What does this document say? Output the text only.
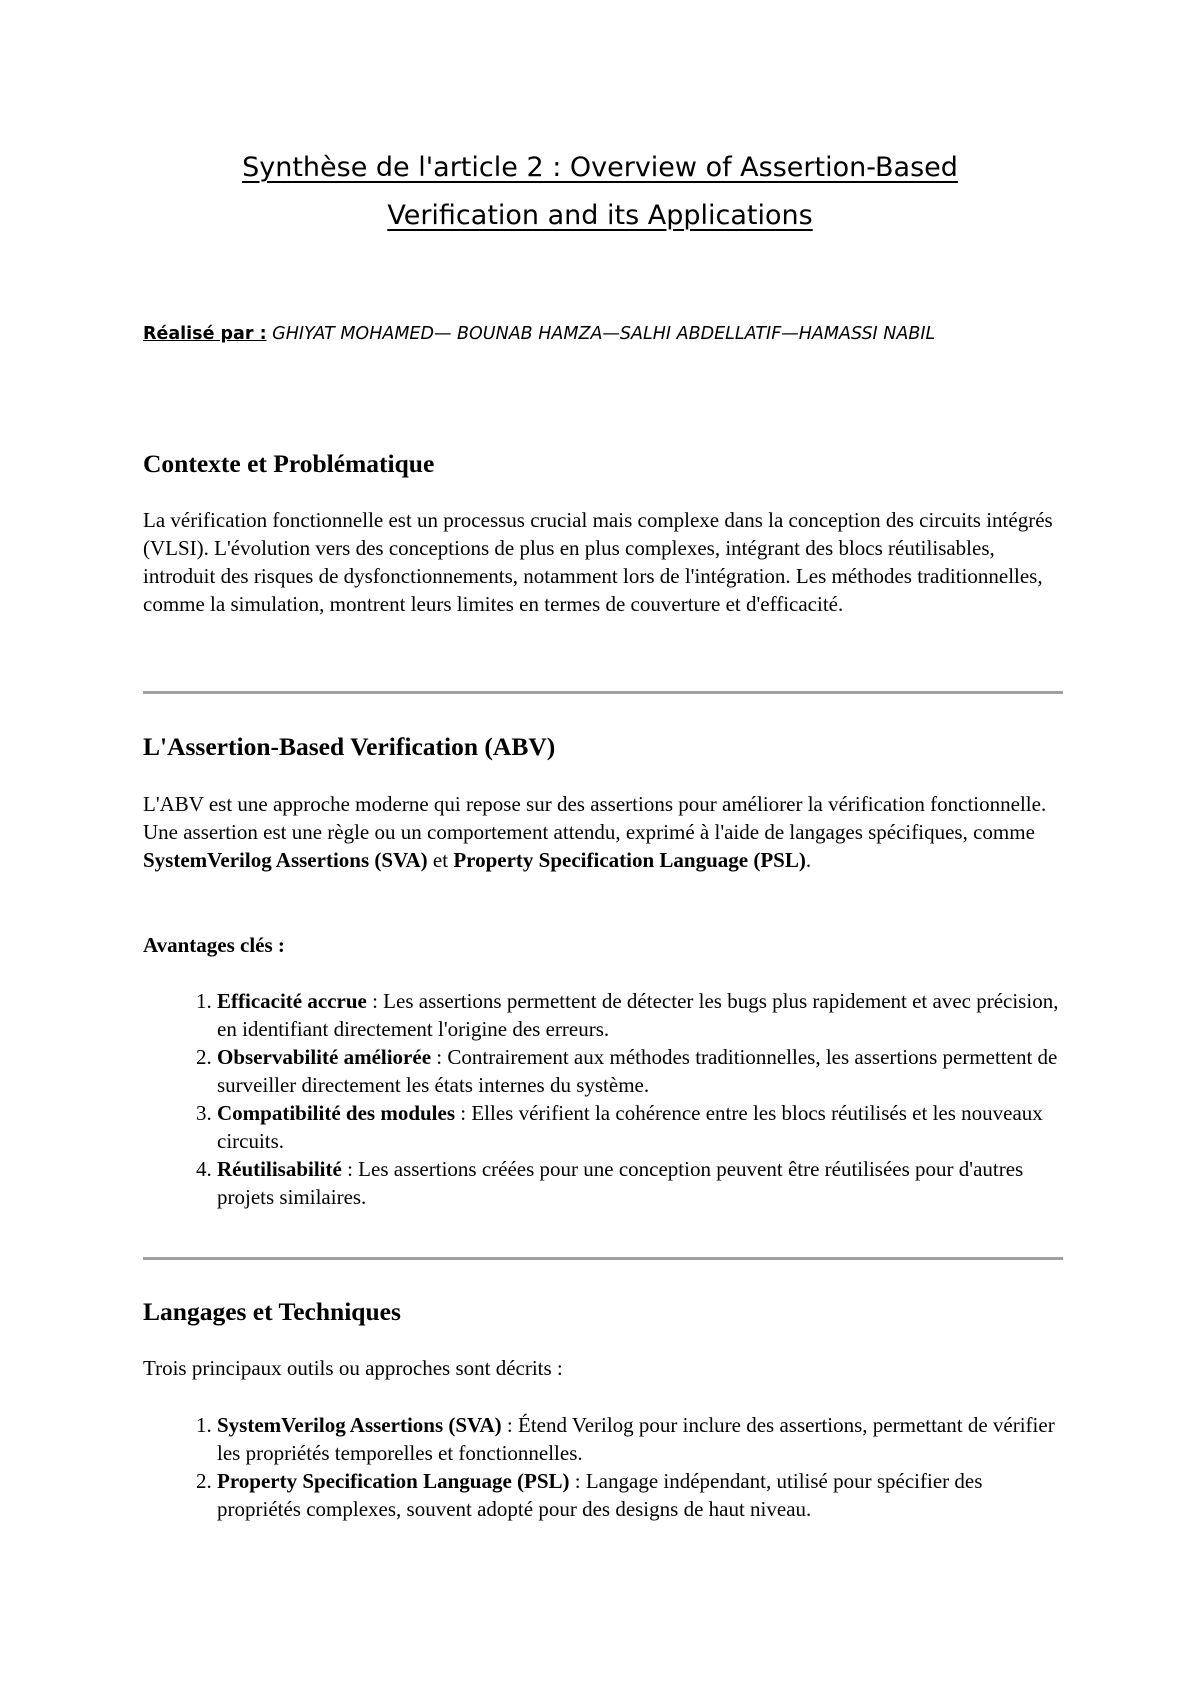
Synthèse de l'article 2 : Overview of Assertion-Based
Verification and its Applications

Réalisé par : GHIYAT MOHAMED— BOUNAB HAMZA—SALHI ABDELLATIF—HAMASSI NABIL

Contexte et Problématique

La vérification fonctionnelle est un processus crucial mais complexe dans la conception des circuits intégrés (VLSI). L'évolution vers des conceptions de plus en plus complexes, intégrant des blocs réutilisables, introduit des risques de dysfonctionnements, notamment lors de l'intégration. Les méthodes traditionnelles, comme la simulation, montrent leurs limites en termes de couverture et d'efficacité.

L'Assertion-Based Verification (ABV)

L'ABV est une approche moderne qui repose sur des assertions pour améliorer la vérification fonctionnelle. Une assertion est une règle ou un comportement attendu, exprimé à l'aide de langages spécifiques, comme SystemVerilog Assertions (SVA) et Property Specification Language (PSL).

Avantages clés :

1. Efficacité accrue : Les assertions permettent de détecter les bugs plus rapidement et avec précision, en identifiant directement l'origine des erreurs.
2. Observabilité améliorée : Contrairement aux méthodes traditionnelles, les assertions permettent de surveiller directement les états internes du système.
3. Compatibilité des modules : Elles vérifient la cohérence entre les blocs réutilisés et les nouveaux circuits.
4. Réutilisabilité : Les assertions créées pour une conception peuvent être réutilisées pour d'autres projets similaires.
Langages et Techniques

Trois principaux outils ou approches sont décrits :

1. SystemVerilog Assertions (SVA) : Étend Verilog pour inclure des assertions, permettant de vérifier les propriétés temporelles et fonctionnelles.
2. Property Specification Language (PSL) : Langage indépendant, utilisé pour spécifier des propriétés complexes, souvent adopté pour des designs de haut niveau.
